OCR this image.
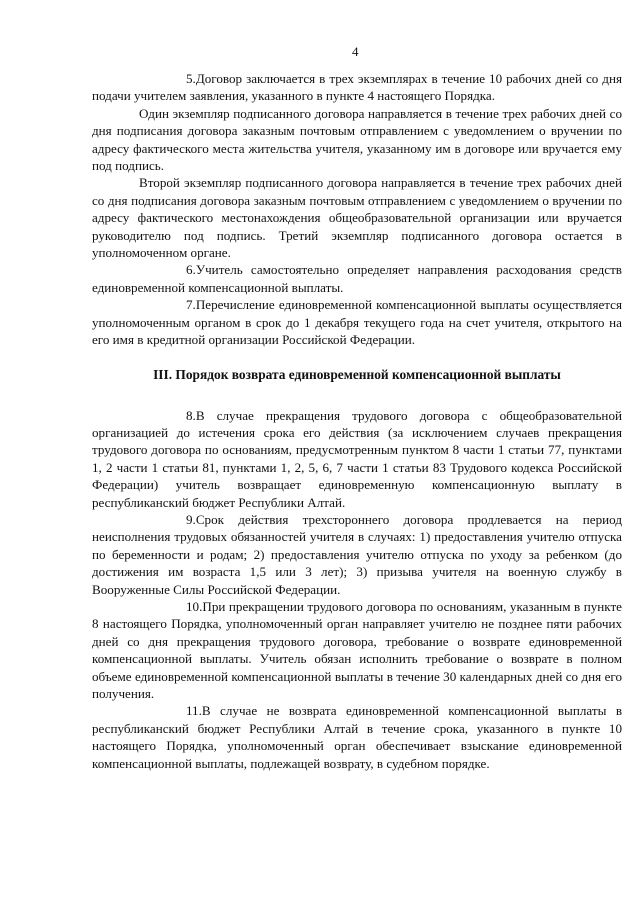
4

5.Договор заключается в трех экземплярах в течение 10 рабочих дней со дня подачи учителем заявления, указанного в пункте 4 настоящего Порядка.

Один экземпляр подписанного договора направляется в течение трех рабочих дней со дня подписания договора заказным почтовым отправлением с уведомлением о вручении по адресу фактического места жительства учителя, указанному им в договоре или вручается ему под подпись.

Второй экземпляр подписанного договора направляется в течение трех рабочих дней со дня подписания договора заказным почтовым отправлением с уведомлением о вручении по адресу фактического местонахождения общеобразовательной организации или вручается руководителю под подпись. Третий экземпляр подписанного договора остается в уполномоченном органе.

6.Учитель самостоятельно определяет направления расходования средств единовременной компенсационной выплаты.

7.Перечисление единовременной компенсационной выплаты осуществляется уполномоченным органом в срок до 1 декабря текущего года на счет учителя, открытого на его имя в кредитной организации Российской Федерации.

III. Порядок возврата единовременной компенсационной выплаты

8.В случае прекращения трудового договора с общеобразовательной организацией до истечения срока его действия (за исключением случаев прекращения трудового договора по основаниям, предусмотренным пунктом 8 части 1 статьи 77, пунктами 1, 2 части 1 статьи 81, пунктами 1, 2, 5, 6, 7 части 1 статьи 83 Трудового кодекса Российской Федерации) учитель возвращает единовременную компенсационную выплату в республиканский бюджет Республики Алтай.

9.Срок действия трехстороннего договора продлевается на период неисполнения трудовых обязанностей учителя в случаях: 1) предоставления учителю отпуска по беременности и родам; 2) предоставления учителю отпуска по уходу за ребенком (до достижения им возраста 1,5 или 3 лет); 3) призыва учителя на военную службу в Вооруженные Силы Российской Федерации.

10.При прекращении трудового договора по основаниям, указанным в пункте 8 настоящего Порядка, уполномоченный орган направляет учителю не позднее пяти рабочих дней со дня прекращения трудового договора, требование о возврате единовременной компенсационной выплаты. Учитель обязан исполнить требование о возврате в полном объеме единовременной компенсационной выплаты в течение 30 календарных дней со дня его получения.

11.В случае не возврата единовременной компенсационной выплаты в республиканский бюджет Республики Алтай в течение срока, указанного в пункте 10 настоящего Порядка, уполномоченный орган обеспечивает взыскание единовременной компенсационной выплаты, подлежащей возврату, в судебном порядке.
